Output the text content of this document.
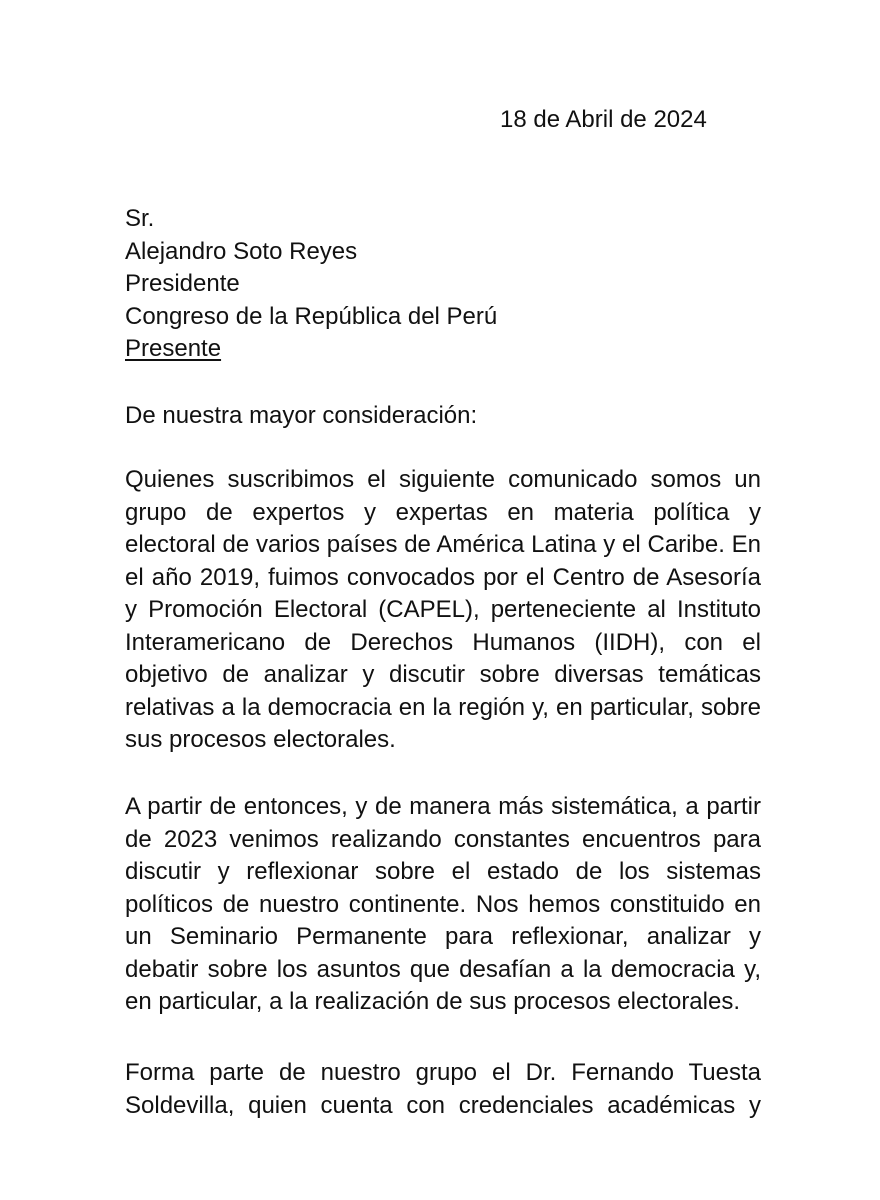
18 de Abril de 2024
Sr.
Alejandro Soto Reyes
Presidente
Congreso de la República del Perú
Presente
De nuestra mayor consideración:
Quienes suscribimos el siguiente comunicado somos un
grupo de expertos y expertas en materia política y
electoral de varios países de América Latina y el Caribe. En
el año 2019, fuimos convocados por el Centro de Asesoría
y Promoción Electoral (CAPEL), perteneciente al Instituto
Interamericano de Derechos Humanos (IIDH), con el
objetivo de analizar y discutir sobre diversas temáticas
relativas a la democracia en la región y, en particular, sobre
sus procesos electorales.
A partir de entonces, y de manera más sistemática, a partir
de 2023 venimos realizando constantes encuentros para
discutir y reflexionar sobre el estado de los sistemas
políticos de nuestro continente. Nos hemos constituido en
un Seminario Permanente para reflexionar, analizar y
debatir sobre los asuntos que desafían a la democracia y,
en particular, a la realización de sus procesos electorales.
Forma parte de nuestro grupo el Dr. Fernando Tuesta
Soldevilla, quien cuenta con credenciales académicas y
